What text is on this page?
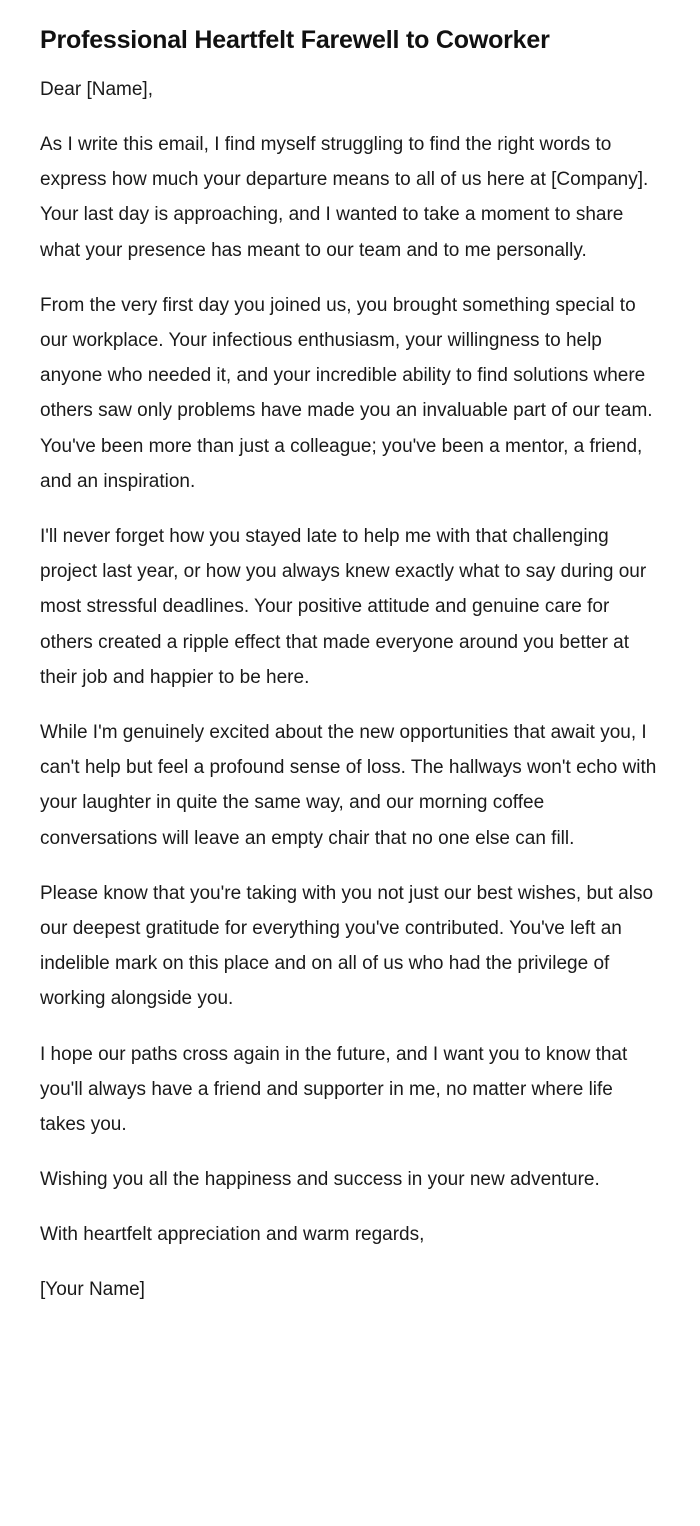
Professional Heartfelt Farewell to Coworker

Dear [Name],

As I write this email, I find myself struggling to find the right words to express how much your departure means to all of us here at [Company]. Your last day is approaching, and I wanted to take a moment to share what your presence has meant to our team and to me personally.

From the very first day you joined us, you brought something special to our workplace. Your infectious enthusiasm, your willingness to help anyone who needed it, and your incredible ability to find solutions where others saw only problems have made you an invaluable part of our team. You've been more than just a colleague; you've been a mentor, a friend, and an inspiration.

I'll never forget how you stayed late to help me with that challenging project last year, or how you always knew exactly what to say during our most stressful deadlines. Your positive attitude and genuine care for others created a ripple effect that made everyone around you better at their job and happier to be here.

While I'm genuinely excited about the new opportunities that await you, I can't help but feel a profound sense of loss. The hallways won't echo with your laughter in quite the same way, and our morning coffee conversations will leave an empty chair that no one else can fill.

Please know that you're taking with you not just our best wishes, but also our deepest gratitude for everything you've contributed. You've left an indelible mark on this place and on all of us who had the privilege of working alongside you.

I hope our paths cross again in the future, and I want you to know that you'll always have a friend and supporter in me, no matter where life takes you.

Wishing you all the happiness and success in your new adventure.

With heartfelt appreciation and warm regards,

[Your Name]
